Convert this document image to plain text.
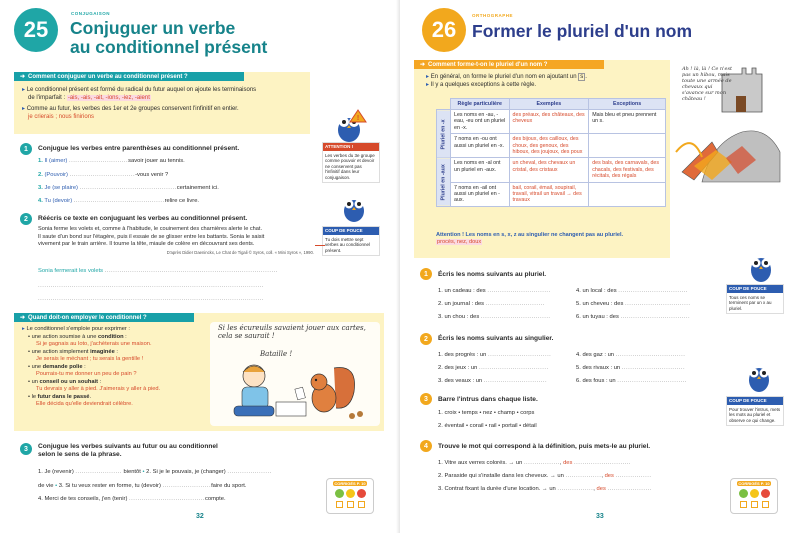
25
CONJUGAISON
Conjuguer un verbe
au conditionnel présent
➜ Comment conjuguer un verbe au conditionnel présent ?
▸ Le conditionnel présent est formé du radical du futur auquel on ajoute les terminaisons
de l'imparfait : -ais, -ais, -ait, -ions, -iez, -aient
▸ Comme au futur, les verbes des 1er et 2e groupes conservent l'infinitif en entier.
je crierais ; nous finirions
1	Conjugue les verbes entre parenthèses au conditionnel présent.
1. Il (aimer) ............................savoir jouer au tennis.
2. (Pouvoir) ...............................-vous venir ?
3. Je (se plaire) ..............................................certainement ici.
4. Tu (devoir) ...........................................relire ce livre.
2	Réécris ce texte en conjuguant les verbes au conditionnel présent.
Sonia ferme les volets et, comme à l'habitude, le couinement des charnières alerte le chat.
Il saute d'un bond sur l'étagère, puis il essaie de se glisser entre les battants. Sonia le saisit
vivement par le train arrière. Il tourne la tête, miaule de colère en découvrant ses dents.
D'après Didier Daeninckx, Le Chat de Tigali © Syros, coll. « Mini Syros », 1990.
Sonia fermerait les volets ..................................................................................
...........................................................................................................
...........................................................................................................
!
ATTENTION !
Les verbes du 3e groupe comme pouvoir et devoir ne conservent pas l'infinitif dans leur conjugaison.
COUP DE POUCE
Tu dois mettre sept verbes au conditionnel présent.
➜ Quand doit-on employer le conditionnel ?
▸ Le conditionnel s'emploie pour exprimer :
• une action soumise à une condition :
Si je gagnais au loto, j'achèterais une maison.
• une action simplement imaginée :
Je serais le méchant ; tu serais la gentille !
• une demande polie :
Pourrais-tu me donner un peu de pain ?
• un conseil ou un souhait :
Tu devrais y aller à pied. J'aimerais y aller à pied.
• le futur dans le passé.
Elle décida qu'elle deviendrait célèbre.
Si les écureuils savaient jouer aux cartes, cela se saurait !
Bataille !
3	Conjugue les verbes suivants au futur ou au conditionnel
selon le sens de la phrase.
1. Je (revenir) ...................... bientôt • 2. Si je le pouvais, je (changer) .....................
de vie • 3. Si tu veux rester en forme, tu (devoir) .......................faire du sport.
4. Merci de tes conseils, j'en (tenir) ....................................compte.
CORRIGÉS P. 10
32
26
ORTHOGRAPHE
Former le pluriel d'un nom
➜ Comment forme-t-on le pluriel d'un nom ?
▸ En général, on forme le pluriel d'un nom en ajoutant un s .
▸ Il y a quelques exceptions à cette règle.
	Règle particulière	Exemples	Exceptions
Pluriel en -x	Les noms en -au, -eau, -eu ont un pluriel en -x.	des préaux, des châteaux, des cheveux	Mais bleu et pneu prennent un s.
	7 noms en -ou ont aussi un pluriel en -x.	des bijoux, des cailloux, des choux, des genoux, des hiboux, des joujoux, des poux	
Pluriel en -aux	Les noms en -al ont un pluriel en -aux.	un cheval, des chevaux un cristal, des cristaux	des bals, des carnavals, des chacals, des festivals, des récitals, des régals
	7 noms en -ail ont aussi un pluriel en -aux.	bail, corail, émail, soupirail, travail, vitrail un travail → des travaux	
Attention ! Les noms en s, x, z au singulier ne changent pas au pluriel.
procès, nez, doux
Ah ! là, là ! Ce n'est pas un hibou, mais toute une armée de chevaux qui s'avance sur mon château !
1	Écris les noms suivants au pluriel.
1. un cadeau : des ..............................	4. un local : des .................................
2. un journal : des ............................	5. un cheveu : des ...............................
3. un chou : des .................................	6. un tuyau : des .................................
2	Écris les noms suivants au singulier.
1. des progrès : un ..............................	4. des gaz : un .................................
2. des jeux : un .................................	5. des rivaux : un ..............................
3. des veaux : un ..............................	6. des fous : un .................................
3	Barre l'intrus dans chaque liste.
1. croix • temps • nez • champ • corps
2. éventail • corail • rail • portail • détail
4	Trouve le mot qui correspond à la définition, puis mets-le au pluriel.
1. Vitre aux verres colorés. → un ................., des ...........................
2. Paraside qui s'installe dans les cheveux. → un ................., des .................
3. Contrat fixant la durée d'une location. → un ................., des .....................
COUP DE POUCE
Tous ces noms se terminent par un x au pluriel.
COUP DE POUCE
Pour trouver l'intrus, mets les mots au pluriel et observe ce qui change.
CORRIGÉS P. 10
33
